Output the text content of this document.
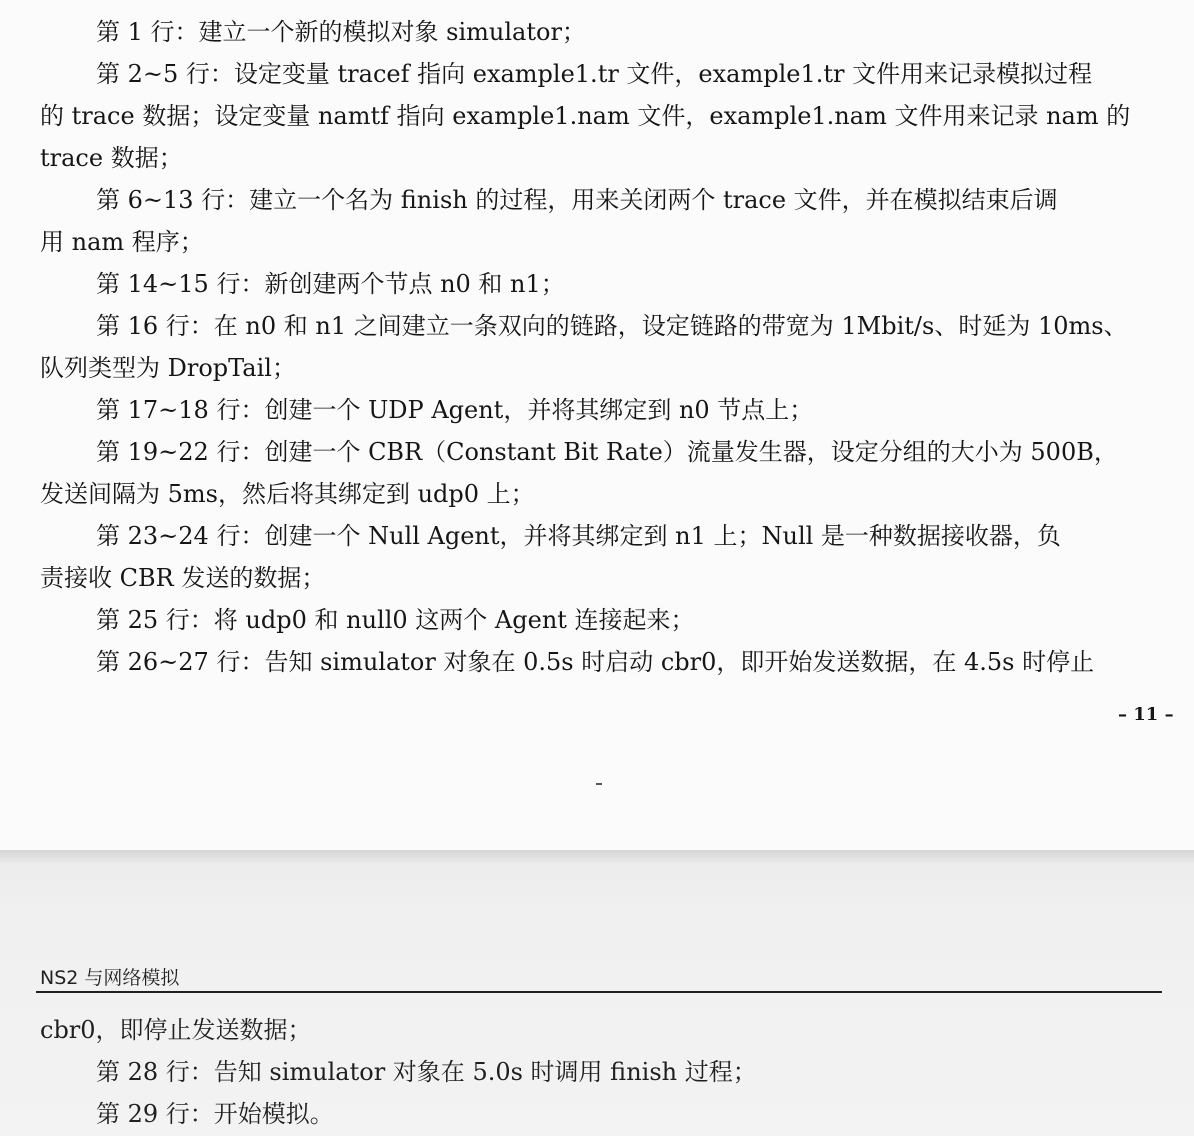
第 1 行：建立一个新的模拟对象 simulator；
第 2~5 行：设定变量 tracef 指向 example1.tr 文件，example1.tr 文件用来记录模拟过程
的 trace 数据；设定变量 namtf 指向 example1.nam 文件，example1.nam 文件用来记录 nam 的
trace 数据；
第 6~13 行：建立一个名为 finish 的过程，用来关闭两个 trace 文件，并在模拟结束后调
用 nam 程序；
第 14~15 行：新创建两个节点 n0 和 n1；
第 16 行：在 n0 和 n1 之间建立一条双向的链路，设定链路的带宽为 1Mbit/s、时延为 10ms、
队列类型为 DropTail；
第 17~18 行：创建一个 UDP Agent，并将其绑定到 n0 节点上；
第 19~22 行：创建一个 CBR（Constant Bit Rate）流量发生器，设定分组的大小为 500B，
发送间隔为 5ms，然后将其绑定到 udp0 上；
第 23~24 行：创建一个 Null Agent，并将其绑定到 n1 上；Null 是一种数据接收器，负
责接收 CBR 发送的数据；
第 25 行：将 udp0 和 null0 这两个 Agent 连接起来；
第 26~27 行：告知 simulator 对象在 0.5s 时启动 cbr0，即开始发送数据，在 4.5s 时停止
– 11 –
NS2 与网络模拟
cbr0，即停止发送数据；
第 28 行：告知 simulator 对象在 5.0s 时调用 finish 过程；
第 29 行：开始模拟。
